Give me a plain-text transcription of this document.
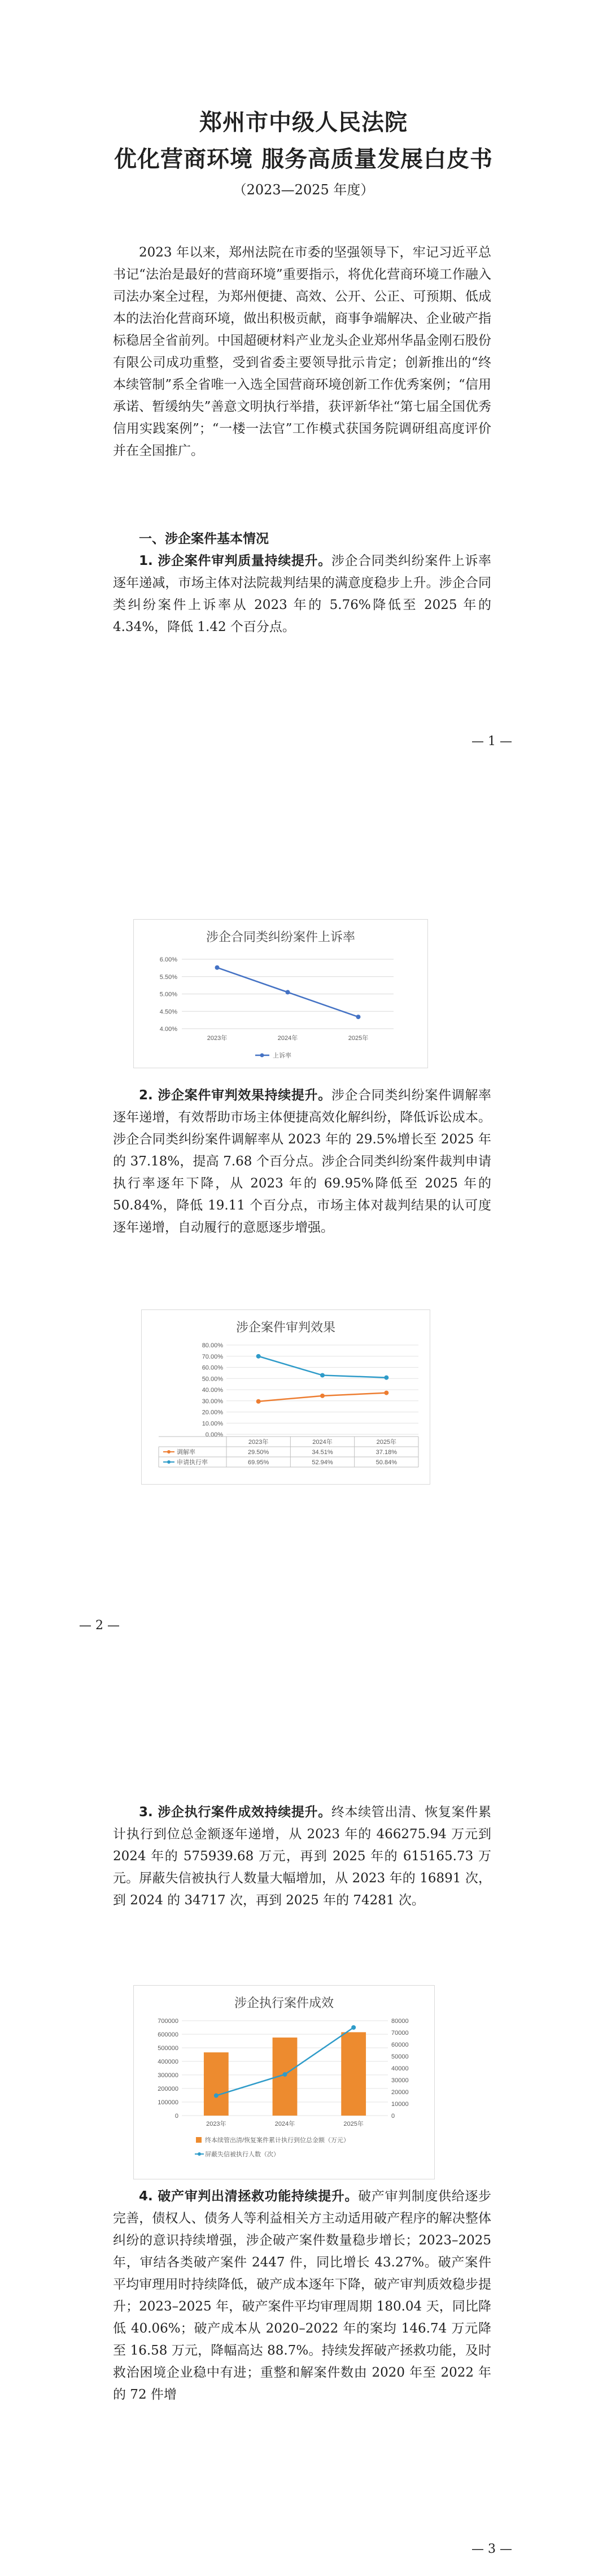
郑州市中级人民法院
优化营商环境 服务高质量发展白皮书
（2023—2025 年度）
2023 年以来，郑州法院在市委的坚强领导下，牢记习近平总书记“法治是最好的营商环境”重要指示，将优化营商环境工作融入司法办案全过程，为郑州便捷、高效、公开、公正、可预期、低成本的法治化营商环境，做出积极贡献，商事争端解决、企业破产指标稳居全省前列。中国超硬材料产业龙头企业郑州华晶金刚石股份有限公司成功重整，受到省委主要领导批示肯定；创新推出的“终本续管制”系全省唯一入选全国营商环境创新工作优秀案例；“信用承诺、暂缓纳失”善意文明执行举措，获评新华社“第七届全国优秀信用实践案例”；“一楼一法官”工作模式获国务院调研组高度评价并在全国推广。
一、涉企案件基本情况
1. 涉企案件审判质量持续提升。涉企合同类纠纷案件上诉率逐年递减，市场主体对法院裁判结果的满意度稳步上升。涉企合同类纠纷案件上诉率从 2023 年的 5.76%降低至 2025 年的 4.34%，降低 1.42 个百分点。
— 1 —
涉企合同类纠纷案件上诉率
6.00%
5.50%
5.00%
4.50%
4.00%
2023年	2024年	2025年
上诉率
2. 涉企案件审判效果持续提升。涉企合同类纠纷案件调解率逐年递增，有效帮助市场主体便捷高效化解纠纷，降低诉讼成本。涉企合同类纠纷案件调解率从 2023 年的 29.5%增长至 2025 年的 37.18%，提高 7.68 个百分点。涉企合同类纠纷案件裁判申请执行率逐年下降，从 2023 年的 69.95%降低至 2025 年的 50.84%，降低 19.11 个百分点，市场主体对裁判结果的认可度逐年递增，自动履行的意愿逐步增强。
涉企案件审判效果
80.00%
70.00%
60.00%
50.00%
40.00%
30.00%
20.00%
10.00%
0.00%
2023年	2024年	2025年
调解率	29.50%	34.51%	37.18%
申请执行率	69.95%	52.94%	50.84%
— 2 —
3. 涉企执行案件成效持续提升。终本续管出清、恢复案件累计执行到位总金额逐年递增，从 2023 年的 466275.94 万元到 2024 年的 575939.68 万元，再到 2025 年的 615165.73 万元。屏蔽失信被执行人数量大幅增加，从 2023 年的 16891 次，到 2024 的 34717 次，再到 2025 年的 74281 次。
涉企执行案件成效
700000
600000
500000
400000
300000
200000
100000
0
80000
70000
60000
50000
40000
30000
20000
10000
0
2023年	2024年	2025年
终本续管出清/恢复案件累计执行到位总金额（万元）
屏蔽失信被执行人数（次）
4. 破产审判出清拯救功能持续提升。破产审判制度供给逐步完善，债权人、债务人等利益相关方主动适用破产程序的解决整体纠纷的意识持续增强，涉企破产案件数量稳步增长；2023–2025 年，审结各类破产案件 2447 件，同比增长 43.27%。破产案件平均审理用时持续降低，破产成本逐年下降，破产审判质效稳步提升；2023–2025 年，破产案件平均审理周期 180.04 天，同比降低 40.06%；破产成本从 2020–2022 年的案均 146.74 万元降至 16.58 万元，降幅高达 88.7%。持续发挥破产拯救功能，及时救治困境企业稳中有进；重整和解案件数由 2020 年至 2022 年的 72 件增
— 3 —
